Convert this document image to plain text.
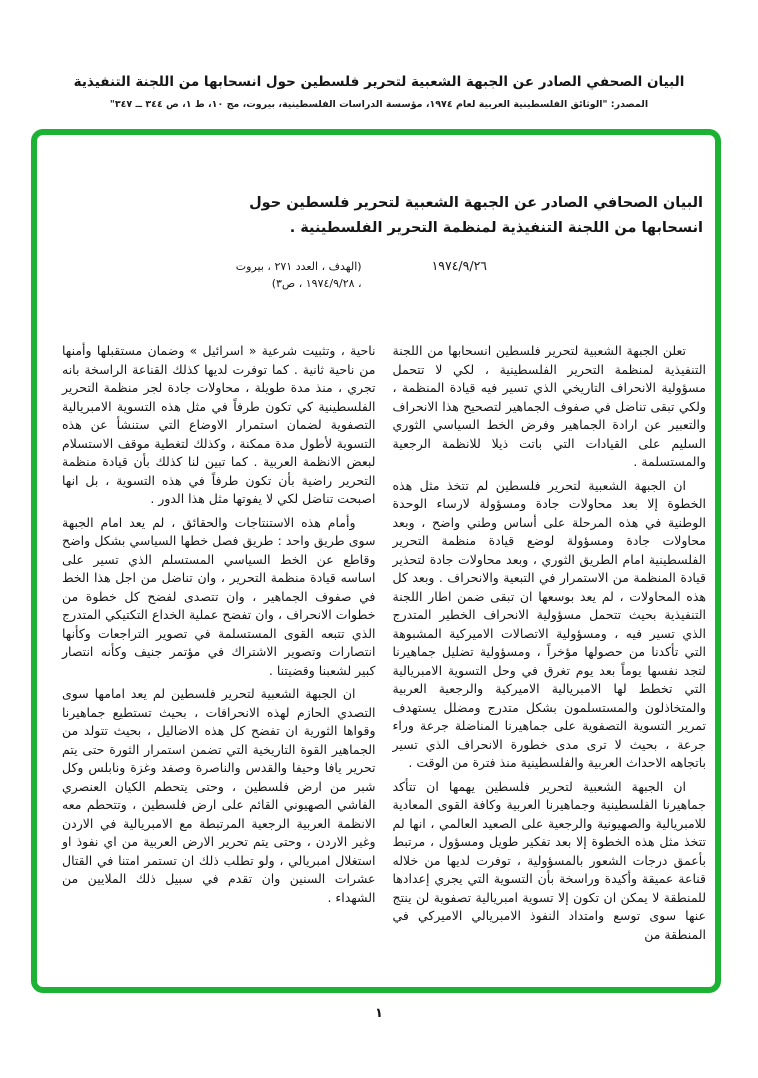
البيان الصحفي الصادر عن الجبهة الشعبية لتحرير فلسطين حول انسحابها من اللجنة التنفيذية
المصدر: "الوثائق الفلسطينية العربية لعام ١٩٧٤، مؤسسة الدراسات الفلسطينية، بيروت، مج ١٠، ط ١، ص ٣٤٤ ــ ٣٤٧"
البيان الصحافي الصادر عن الجبهة الشعبية لتحرير فلسطين حول
انسحابها من اللجنة التنفيذية لمنظمة التحرير الفلسطينية .
١٩٧٤/٩/٢٦
(الهدف ، العدد ٢٧١ ، بيروت ، ١٩٧٤/٩/٢٨ ، ص٣)

تعلن الجبهة الشعبية لتحرير فلسطين انسحابها من اللجنة التنفيذية لمنظمة التحرير الفلسطينية ، لكي لا تتحمل مسؤولية الانحراف التاريخي الذي تسير فيه قيادة المنظمة ، ولكي تبقى تناضل في صفوف الجماهير لتصحيح هذا الانحراف والتعبير عن ارادة الجماهير وفرض الخط السياسي الثوري السليم على القيادات التي باتت ذيلا للانظمة الرجعية والمستسلمة .

ان الجبهة الشعبية لتحرير فلسطين لم تتخذ مثل هذه الخطوة إلا بعد محاولات جادة ومسؤولة لارساء الوحدة الوطنية في هذه المرحلة على أساس وطني واضح ، وبعد محاولات جادة ومسؤولة لوضع قيادة منظمة التحرير الفلسطينية امام الطريق الثوري ، وبعد محاولات جادة لتحذير قيادة المنظمة من الاستمرار في التبعية والانحراف . وبعد كل هذه المحاولات ، لم يعد بوسعها ان تبقى ضمن اطار اللجنة التنفيذية بحيث تتحمل مسؤولية الانحراف الخطير المتدرج الذي تسير فيه ، ومسؤولية الاتصالات الاميركية المشبوهة التي تأكدنا من حصولها مؤخراً ، ومسؤولية تضليل جماهيرنا لتجد نفسها يوماً بعد يوم تغرق في وحل التسوية الامبريالية التي تخطط لها الامبريالية الاميركية والرجعية العربية والمتخاذلون والمستسلمون بشكل متدرج ومضلل يستهدف تمرير التسوية التصفوية على جماهيرنا المناضلة جرعة وراء جرعة ، بحيث لا ترى مدى خطورة الانحراف الذي تسير باتجاهه الاحداث العربية والفلسطينية منذ فترة من الوقت .

ان الجبهة الشعبية لتحرير فلسطين يهمها ان تتأكد جماهيرنا الفلسطينية وجماهيرنا العربية وكافة القوى المعادية للامبريالية والصهيونية والرجعية على الصعيد العالمي ، انها لم تتخذ مثل هذه الخطوة إلا بعد تفكير طويل ومسؤول ، مرتبط بأعمق درجات الشعور بالمسؤولية ، توفرت لديها من خلاله قناعة عميقة وأكيدة وراسخة بأن التسوية التي يجري إعدادها للمنطقة لا يمكن ان تكون إلا تسوية امبريالية تصفوية لن ينتج عنها سوى توسع وامتداد النفوذ الامبريالي الاميركي في المنطقة من

ناحية ، وتثبيت شرعية « اسرائيل » وضمان مستقبلها وأمنها من ناحية ثانية . كما توفرت لديها كذلك القناعة الراسخة بانه تجري ، منذ مدة طويلة ، محاولات جادة لجر منظمة التحرير الفلسطينية كي تكون طرفاً في مثل هذه التسوية الامبريالية التصفوية لضمان استمرار الاوضاع التي ستنشأ عن هذه التسوية لأطول مدة ممكنة ، وكذلك لتغطية موقف الاستسلام لبعض الانظمة العربية . كما تبين لنا كذلك بأن قيادة منظمة التحرير راضية بأن تكون طرفاً في هذه التسوية ، بل انها اصبحت تناضل لكي لا يفوتها مثل هذا الدور .

وأمام هذه الاستنتاجات والحقائق ، لم يعد امام الجبهة سوى طريق واحد : طريق فصل خطها السياسي بشكل واضح وقاطع عن الخط السياسي المستسلم الذي تسير على اساسه قيادة منظمة التحرير ، وان تناضل من اجل هذا الخط في صفوف الجماهير ، وان تتصدى لفضح كل خطوة من خطوات الانحراف ، وان تفضح عملية الخداع التكتيكي المتدرج الذي تتبعه القوى المستسلمة في تصوير التراجعات وكأنها انتصارات وتصوير الاشتراك في مؤتمر جنيف وكأنه انتصار كبير لشعبنا وقضيتنا .

ان الجبهة الشعبية لتحرير فلسطين لم يعد امامها سوى التصدي الحازم لهذه الانحرافات ، بحيث تستطيع جماهيرنا وقواها الثورية ان تفضح كل هذه الاضاليل ، بحيث تتولد من الجماهير القوة التاريخية التي تضمن استمرار الثورة حتى يتم تحرير يافا وحيفا والقدس والناصرة وصفد وغزة ونابلس وكل شبر من ارض فلسطين ، وحتى يتحطم الكيان العنصري الفاشي الصهيوني القائم على ارض فلسطين ، وتتحطم معه الانظمة العربية الرجعية المرتبطة مع الامبريالية في الاردن وغير الاردن ، وحتى يتم تحرير الارض العربية من اي نفوذ او استغلال امبريالي ، ولو تطلب ذلك ان تستمر امتنا في القتال عشرات السنين وان تقدم في سبيل ذلك الملايين من الشهداء .

١
